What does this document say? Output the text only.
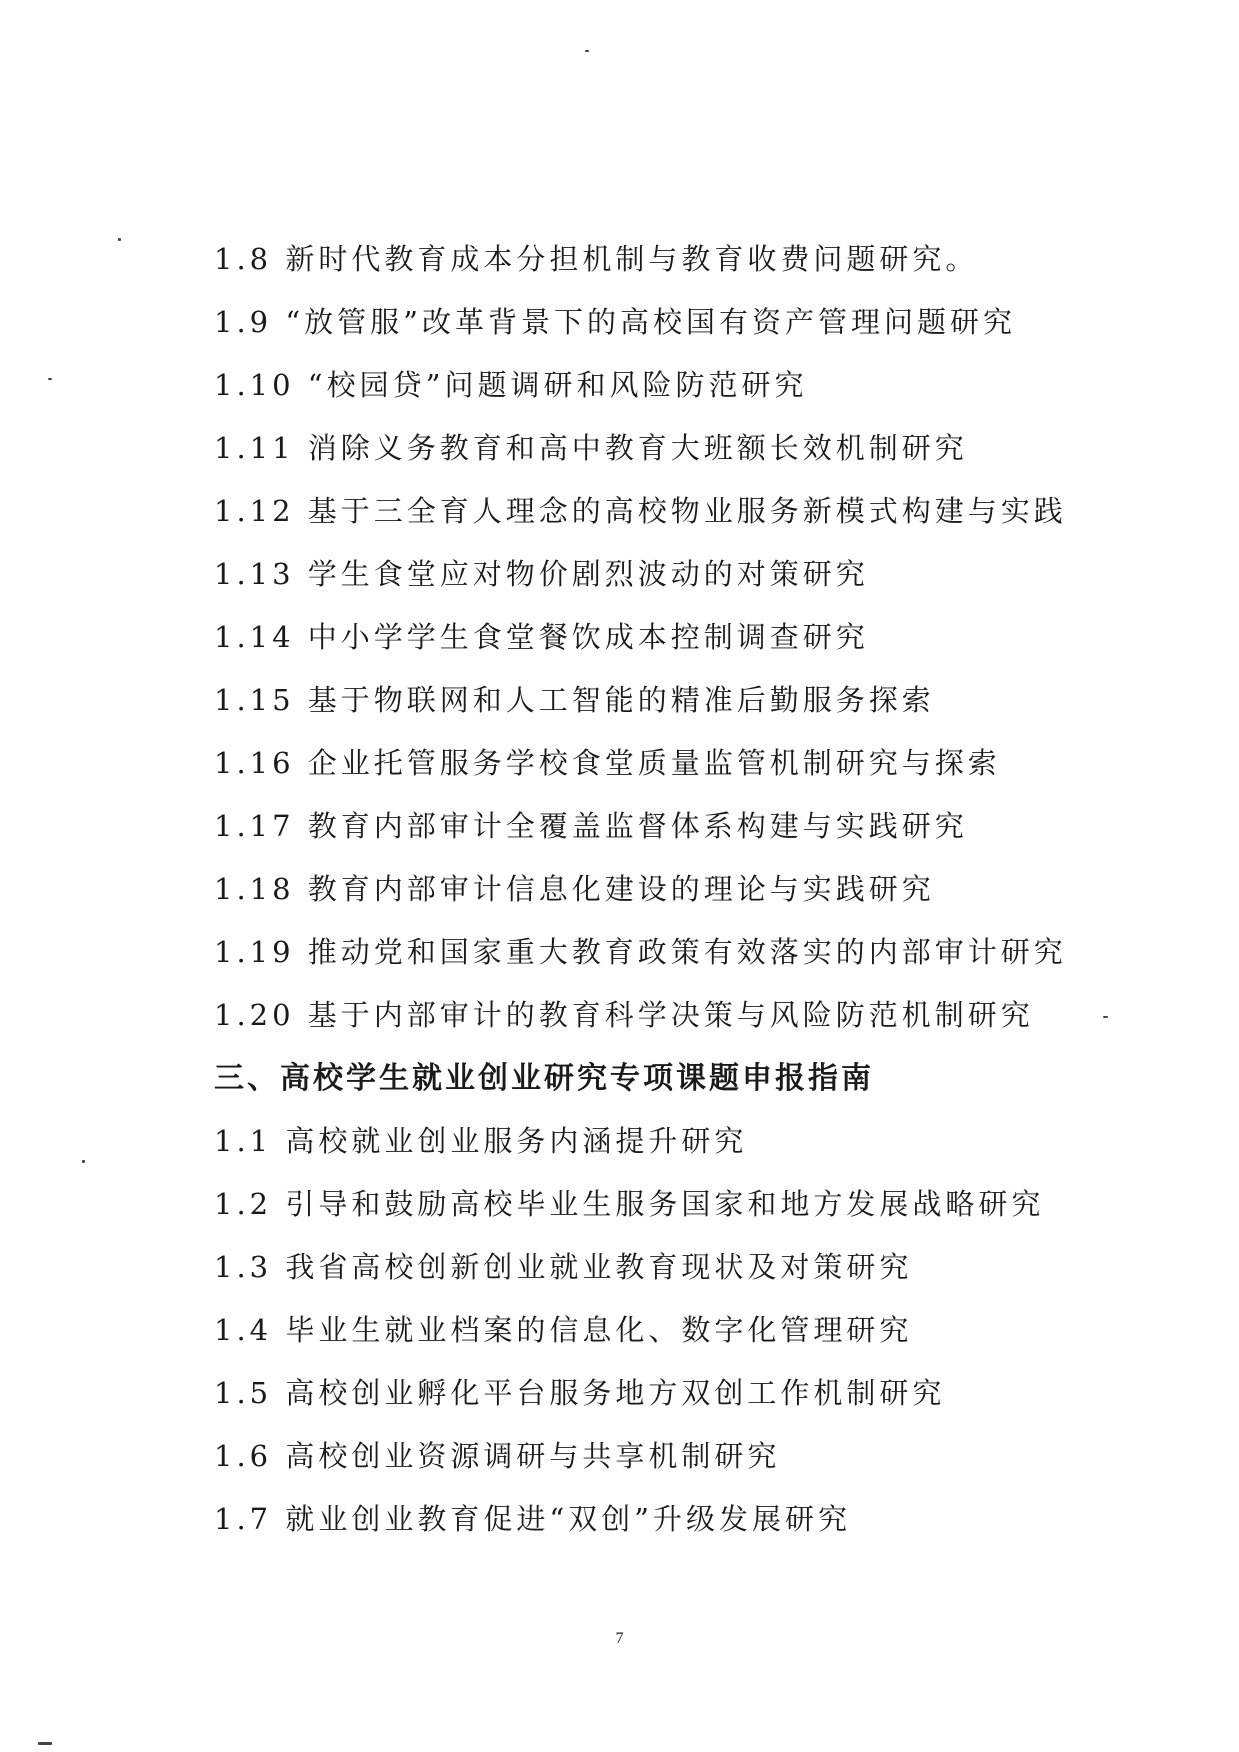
1.8 新时代教育成本分担机制与教育收费问题研究。
1.9 “放管服”改革背景下的高校国有资产管理问题研究
1.10 “校园贷”问题调研和风险防范研究
1.11 消除义务教育和高中教育大班额长效机制研究
1.12 基于三全育人理念的高校物业服务新模式构建与实践
1.13 学生食堂应对物价剧烈波动的对策研究
1.14 中小学学生食堂餐饮成本控制调查研究
1.15 基于物联网和人工智能的精准后勤服务探索
1.16 企业托管服务学校食堂质量监管机制研究与探索
1.17 教育内部审计全覆盖监督体系构建与实践研究
1.18 教育内部审计信息化建设的理论与实践研究
1.19 推动党和国家重大教育政策有效落实的内部审计研究
1.20 基于内部审计的教育科学决策与风险防范机制研究
三、高校学生就业创业研究专项课题申报指南
1.1 高校就业创业服务内涵提升研究
1.2 引导和鼓励高校毕业生服务国家和地方发展战略研究
1.3 我省高校创新创业就业教育现状及对策研究
1.4 毕业生就业档案的信息化、数字化管理研究
1.5 高校创业孵化平台服务地方双创工作机制研究
1.6 高校创业资源调研与共享机制研究
1.7 就业创业教育促进“双创”升级发展研究
7
